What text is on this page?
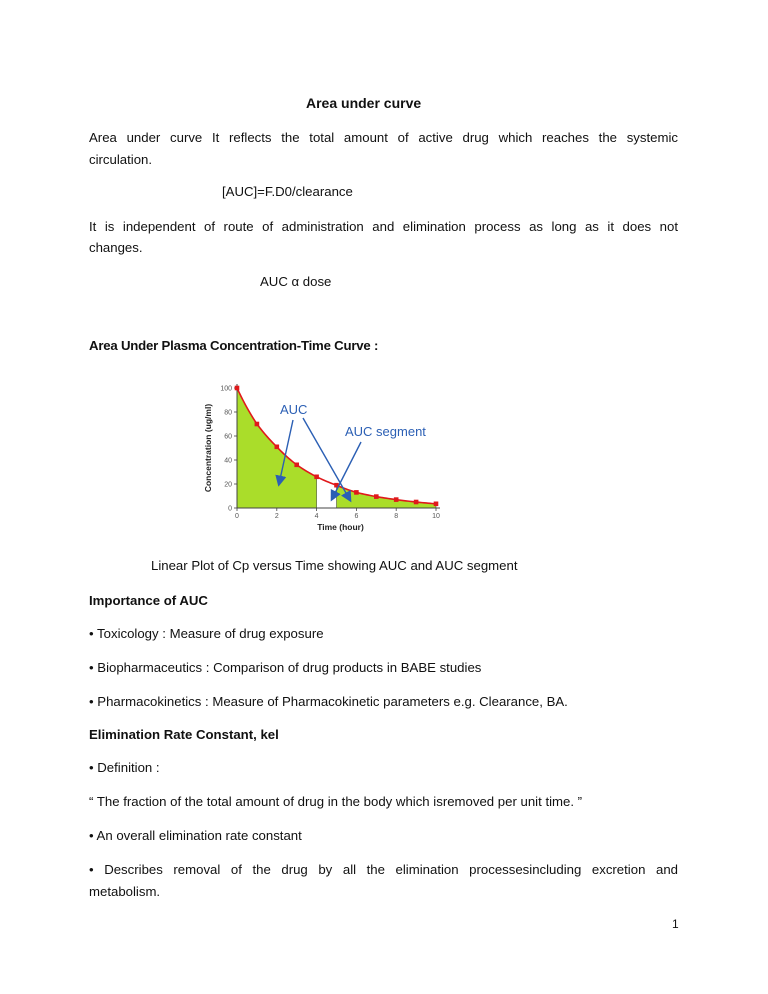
Area under curve

Area under curve It reflects the total amount of active drug which reaches the systemic

circulation.

[AUC]=F.D0/clearance

It is independent of route of administration and elimination process as long as it does not

changes.

AUC α dose

Area Under Plasma Concentration-Time Curve :

0
20
40
60
80
100
0	2	4	6	8	10
Time (hour)
Concentration (ug/ml)	AUC
AUC segment

Linear Plot of Cp versus Time showing AUC and AUC segment

Importance of AUC

• Toxicology : Measure of drug exposure

• Biopharmaceutics : Comparison of drug products in BABE studies

• Pharmacokinetics : Measure of Pharmacokinetic parameters e.g. Clearance, BA.

Elimination Rate Constant, kel

• Definition :

“ The fraction of the total amount of drug in the body which isremoved per unit time. ”

• An overall elimination rate constant

• Describes removal of the drug by all the elimination processesincluding excretion and

metabolism.

1
